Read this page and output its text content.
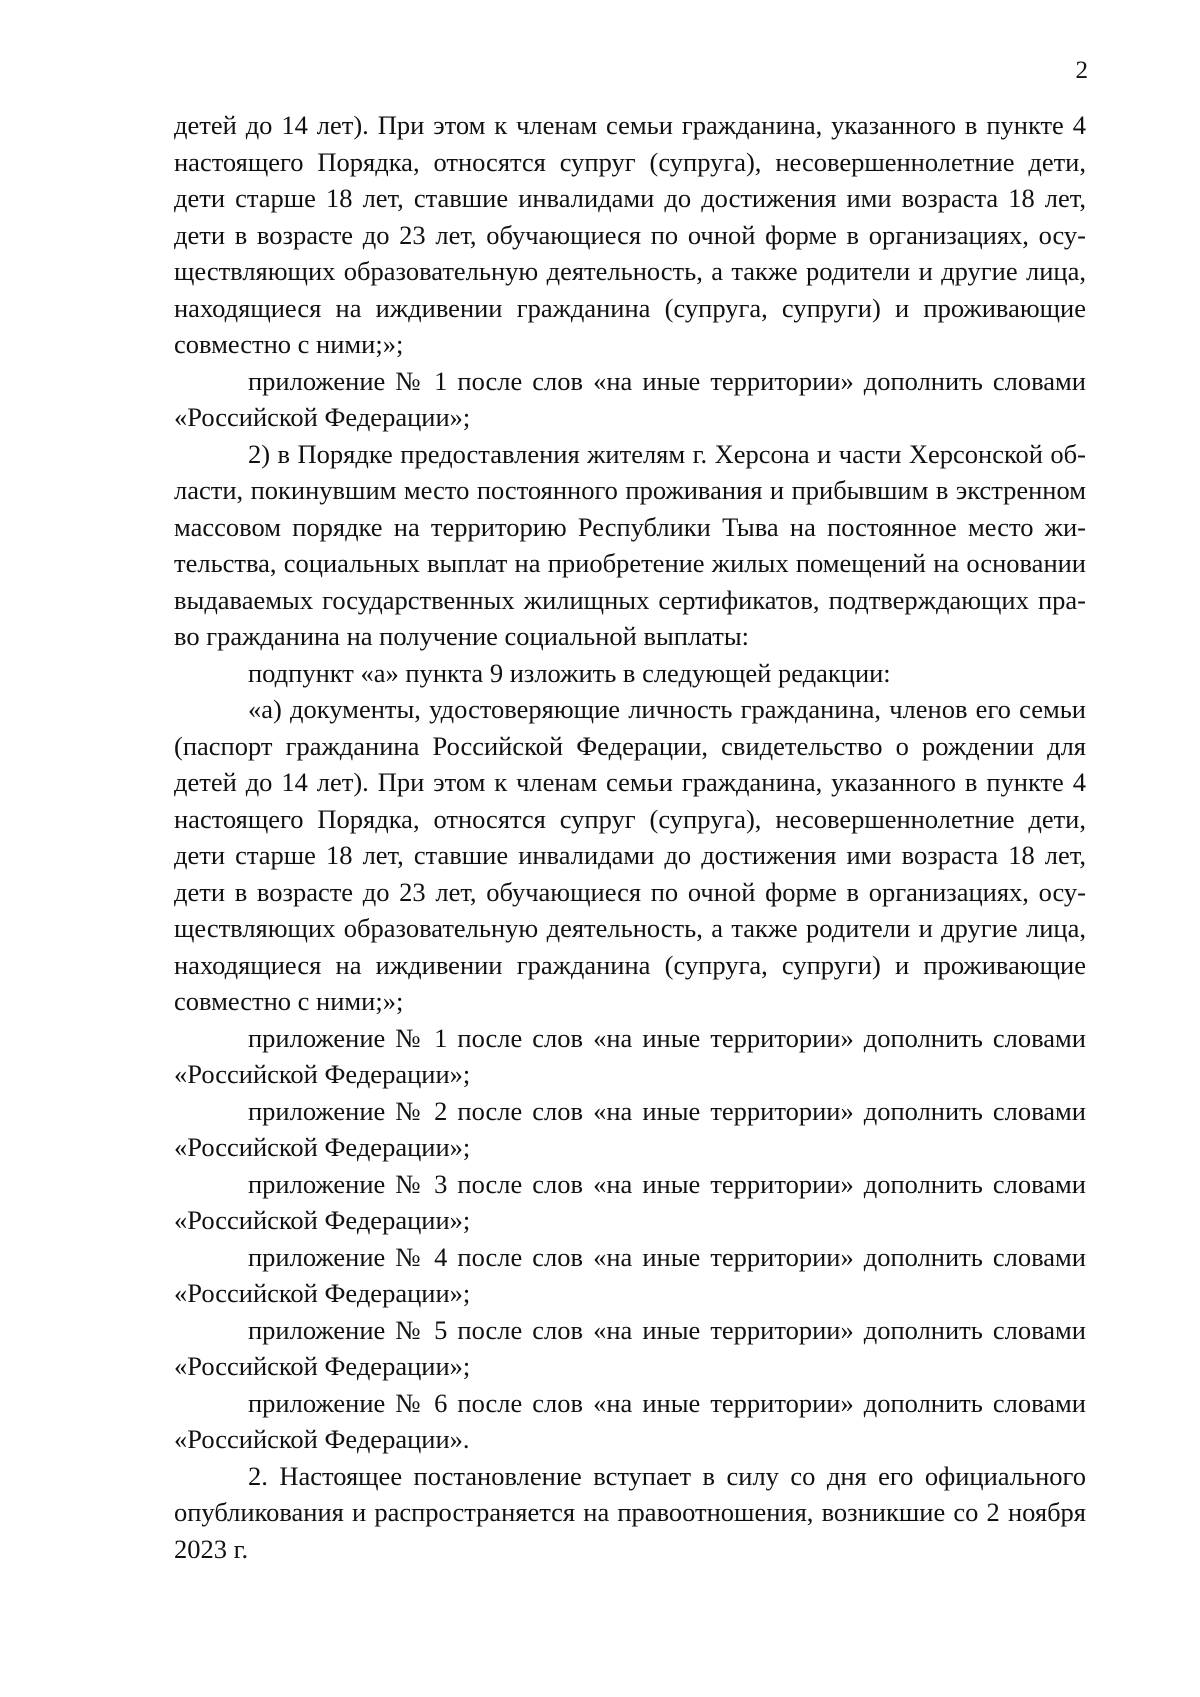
2

детей до 14 лет). При этом к членам семьи гражданина, указанного в пункте 4 настоящего Порядка, относятся супруг (супруга), несовершеннолетние дети, дети старше 18 лет, ставшие инвалидами до достижения ими возраста 18 лет, дети в возрасте до 23 лет, обучающиеся по очной форме в организациях, осуществляющих образовательную деятельность, а также родители и другие лица, находящиеся на иждивении гражданина (супруга, супруги) и проживающие совместно с ними;»;

приложение № 1 после слов «на иные территории» дополнить словами «Российской Федерации»;

2) в Порядке предоставления жителям г. Херсона и части Херсонской области, покинувшим место постоянного проживания и прибывшим в экстренном массовом порядке на территорию Республики Тыва на постоянное место жительства, социальных выплат на приобретение жилых помещений на основании выдаваемых государственных жилищных сертификатов, подтверждающих право гражданина на получение социальной выплаты:

подпункт «а» пункта 9 изложить в следующей редакции:

«а) документы, удостоверяющие личность гражданина, членов его семьи (паспорт гражданина Российской Федерации, свидетельство о рождении для детей до 14 лет). При этом к членам семьи гражданина, указанного в пункте 4 настоящего Порядка, относятся супруг (супруга), несовершеннолетние дети, дети старше 18 лет, ставшие инвалидами до достижения ими возраста 18 лет, дети в возрасте до 23 лет, обучающиеся по очной форме в организациях, осуществляющих образовательную деятельность, а также родители и другие лица, находящиеся на иждивении гражданина (супруга, супруги) и проживающие совместно с ними;»;

приложение № 1 после слов «на иные территории» дополнить словами «Российской Федерации»;

приложение № 2 после слов «на иные территории» дополнить словами «Российской Федерации»;

приложение № 3 после слов «на иные территории» дополнить словами «Российской Федерации»;

приложение № 4 после слов «на иные территории» дополнить словами «Российской Федерации»;

приложение № 5 после слов «на иные территории» дополнить словами «Российской Федерации»;

приложение № 6 после слов «на иные территории» дополнить словами «Российской Федерации».

2. Настоящее постановление вступает в силу со дня его официального опубликования и распространяется на правоотношения, возникшие со 2 ноября 2023 г.
